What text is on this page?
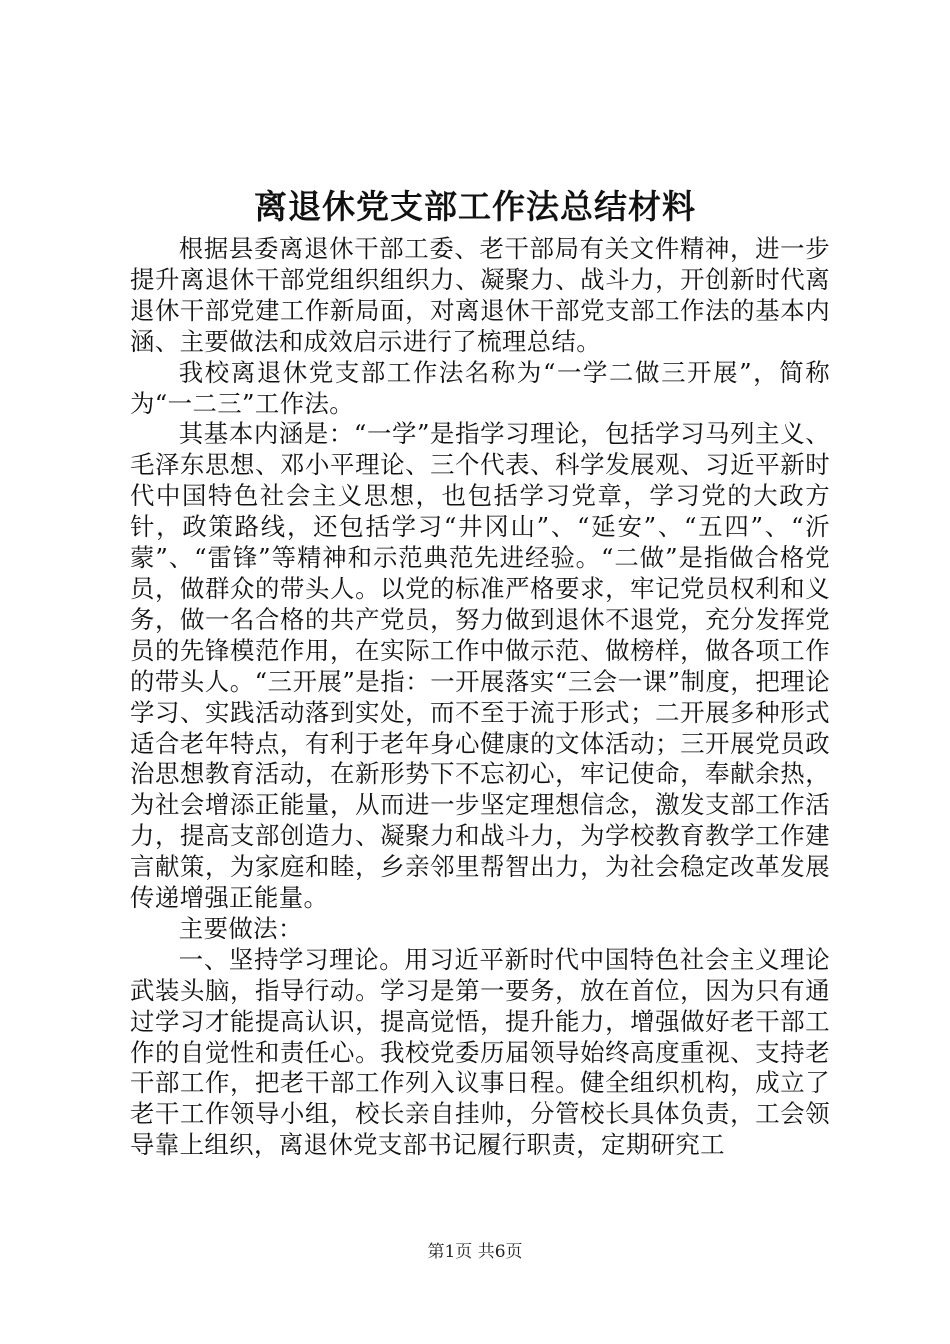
离退休党支部工作法总结材料

根据县委离退休干部工委、老干部局有关文件精神，进一步提升离退休干部党组织组织力、凝聚力、战斗力，开创新时代离退休干部党建工作新局面，对离退休干部党支部工作法的基本内涵、主要做法和成效启示进行了梳理总结。

我校离退休党支部工作法名称为“一学二做三开展”，简称为“一二三”工作法。

其基本内涵是：“一学”是指学习理论，包括学习马列主义、毛泽东思想、邓小平理论、三个代表、科学发展观、习近平新时代中国特色社会主义思想，也包括学习党章，学习党的大政方针，政策路线，还包括学习“井冈山”、“延安”、“五四”、“沂蒙”、“雷锋”等精神和示范典范先进经验。“二做”是指做合格党员，做群众的带头人。以党的标准严格要求，牢记党员权利和义务，做一名合格的共产党员，努力做到退休不退党，充分发挥党员的先锋模范作用，在实际工作中做示范、做榜样，做各项工作的带头人。“三开展”是指：一开展落实“三会一课”制度，把理论学习、实践活动落到实处，而不至于流于形式；二开展多种形式适合老年特点，有利于老年身心健康的文体活动；三开展党员政治思想教育活动，在新形势下不忘初心，牢记使命，奉献余热，为社会增添正能量，从而进一步坚定理想信念，激发支部工作活力，提高支部创造力、凝聚力和战斗力，为学校教育教学工作建言献策，为家庭和睦，乡亲邻里帮智出力，为社会稳定改革发展传递增强正能量。

主要做法：

一、坚持学习理论。用习近平新时代中国特色社会主义理论武装头脑，指导行动。学习是第一要务，放在首位，因为只有通过学习才能提高认识，提高觉悟，提升能力，增强做好老干部工作的自觉性和责任心。我校党委历届领导始终高度重视、支持老干部工作，把老干部工作列入议事日程。健全组织机构，成立了老干工作领导小组，校长亲自挂帅，分管校长具体负责，工会领导靠上组织，离退休党支部书记履行职责，定期研究工

第1页 共6页
